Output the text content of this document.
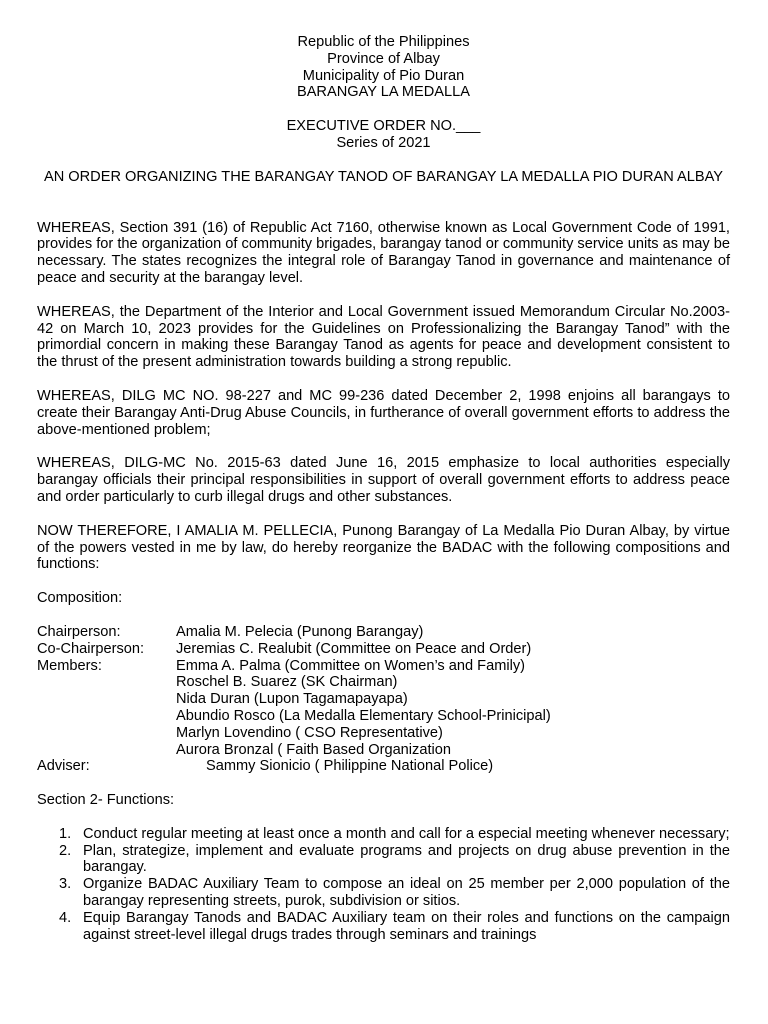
Republic of the Philippines
Province of Albay
Municipality of Pio Duran
BARANGAY LA MEDALLA
EXECUTIVE ORDER NO.___
Series of 2021

AN ORDER ORGANIZING THE BARANGAY TANOD OF BARANGAY LA MEDALLA PIO DURAN ALBAY

WHEREAS, Section 391 (16) of Republic Act 7160, otherwise known as Local Government Code of 1991, provides for the organization of community brigades, barangay tanod or community service units as may be necessary. The states recognizes the integral role of Barangay Tanod in governance and maintenance of peace and security at the barangay level.

WHEREAS, the Department of the Interior and Local Government issued Memorandum Circular No.2003-42 on March 10, 2023 provides for the Guidelines on Professionalizing the Barangay Tanod” with the primordial concern in making these Barangay Tanod as agents for peace and development consistent to the thrust of the present administration towards building a strong republic.

WHEREAS, DILG MC NO. 98-227 and MC 99-236 dated December 2, 1998 enjoins all barangays to create their Barangay Anti-Drug Abuse Councils, in furtherance of overall government efforts to address the above-mentioned problem;

WHEREAS, DILG-MC No. 2015-63 dated June 16, 2015 emphasize to local authorities especially barangay officials their principal responsibilities in support of overall government efforts to address peace and order particularly to curb illegal drugs and other substances.

NOW THEREFORE, I AMALIA M. PELLECIA, Punong Barangay of La Medalla Pio Duran Albay, by virtue of the powers vested in me by law, do hereby reorganize the BADAC with the following compositions and functions:

Composition:

Chairperson:	Amalia M. Pelecia (Punong Barangay)
Co-Chairperson:	Jeremias C. Realubit (Committee on Peace and Order)
Members:	Emma A. Palma (Committee on Women’s and Family)
Roschel B. Suarez (SK Chairman)
Nida Duran (Lupon Tagamapayapa)
Abundio Rosco (La Medalla Elementary School-Prinicipal)
Marlyn Lovendino ( CSO Representative)
Aurora Bronzal ( Faith Based Organization
Adviser:	Sammy Sionicio ( Philippine National Police)

Section 2- Functions:

1. Conduct regular meeting at least once a month and call for a especial meeting whenever necessary;
2. Plan, strategize, implement and evaluate programs and projects on drug abuse prevention in the barangay.
3. Organize BADAC Auxiliary Team to compose an ideal on 25 member per 2,000 population of the barangay representing streets, purok, subdivision or sitios.
4. Equip Barangay Tanods and BADAC Auxiliary team on their roles and functions on the campaign against street-level illegal drugs trades through seminars and trainings
